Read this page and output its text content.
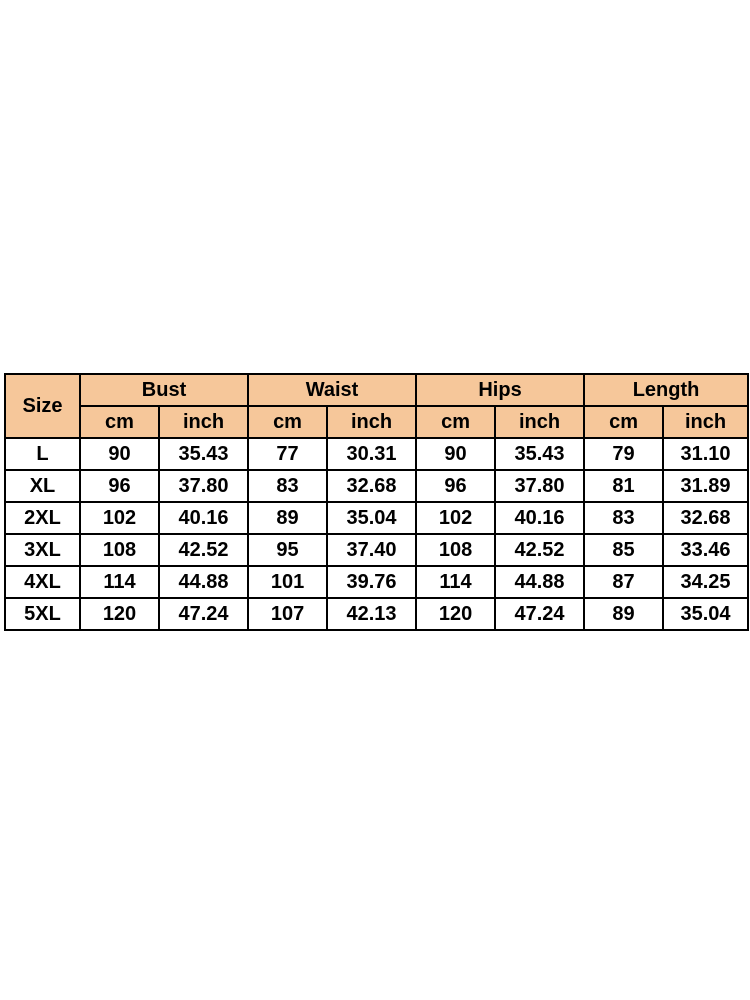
Size	Bust		Waist		Hips		Length	
	cm	inch	cm	inch	cm	inch	cm	inch
L	90	35.43	77	30.31	90	35.43	79	31.10
XL	96	37.80	83	32.68	96	37.80	81	31.89
2XL	102	40.16	89	35.04	102	40.16	83	32.68
3XL	108	42.52	95	37.40	108	42.52	85	33.46
4XL	114	44.88	101	39.76	114	44.88	87	34.25
5XL	120	47.24	107	42.13	120	47.24	89	35.04
